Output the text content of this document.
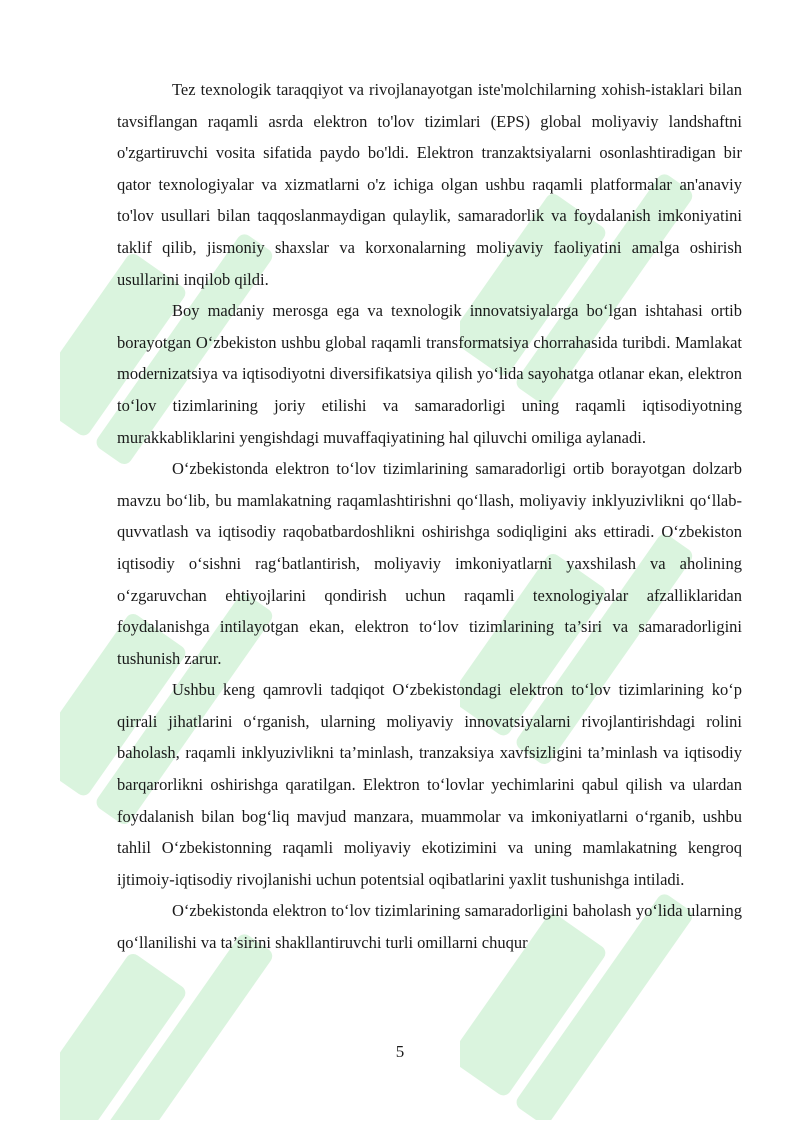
Tez texnologik taraqqiyot va rivojlanayotgan iste'molchilarning xohish-istaklari bilan tavsiflangan raqamli asrda elektron to'lov tizimlari (EPS) global moliyaviy landshaftni o'zgartiruvchi vosita sifatida paydo bo'ldi. Elektron tranzaktsiyalarni osonlashtiradigan bir qator texnologiyalar va xizmatlarni o'z ichiga olgan ushbu raqamli platformalar an'anaviy to'lov usullari bilan taqqoslanmaydigan qulaylik, samaradorlik va foydalanish imkoniyatini taklif qilib, jismoniy shaxslar va korxonalarning moliyaviy faoliyatini amalga oshirish usullarini inqilob qildi.

Boy madaniy merosga ega va texnologik innovatsiyalarga bo‘lgan ishtahasi ortib borayotgan O‘zbekiston ushbu global raqamli transformatsiya chorrahasida turibdi. Mamlakat modernizatsiya va iqtisodiyotni diversifikatsiya qilish yo‘lida sayohatga otlanar ekan, elektron to‘lov tizimlarining joriy etilishi va samaradorligi uning raqamli iqtisodiyotning murakkabliklarini yengishdagi muvaffaqiyatining hal qiluvchi omiliga aylanadi.

O‘zbekistonda elektron to‘lov tizimlarining samaradorligi ortib borayotgan dolzarb mavzu bo‘lib, bu mamlakatning raqamlashtirishni qo‘llash, moliyaviy inklyuzivlikni qo‘llab-quvvatlash va iqtisodiy raqobatbardoshlikni oshirishga sodiqligini aks ettiradi. O‘zbekiston iqtisodiy o‘sishni rag‘batlantirish, moliyaviy imkoniyatlarni yaxshilash va aholining o‘zgaruvchan ehtiyojlarini qondirish uchun raqamli texnologiyalar afzalliklaridan foydalanishga intilayotgan ekan, elektron to‘lov tizimlarining ta’siri va samaradorligini tushunish zarur.

Ushbu keng qamrovli tadqiqot O‘zbekistondagi elektron to‘lov tizimlarining ko‘p qirrali jihatlarini o‘rganish, ularning moliyaviy innovatsiyalarni rivojlantirishdagi rolini baholash, raqamli inklyuzivlikni ta’minlash, tranzaksiya xavfsizligini ta’minlash va iqtisodiy barqarorlikni oshirishga qaratilgan. Elektron to‘lovlar yechimlarini qabul qilish va ulardan foydalanish bilan bog‘liq mavjud manzara, muammolar va imkoniyatlarni o‘rganib, ushbu tahlil O‘zbekistonning raqamli moliyaviy ekotizimini va uning mamlakatning kengroq ijtimoiy-iqtisodiy rivojlanishi uchun potentsial oqibatlarini yaxlit tushunishga intiladi.

O‘zbekistonda elektron to‘lov tizimlarining samaradorligini baholash yo‘lida ularning qo‘llanilishi va ta’sirini shakllantiruvchi turli omillarni chuqur

5
